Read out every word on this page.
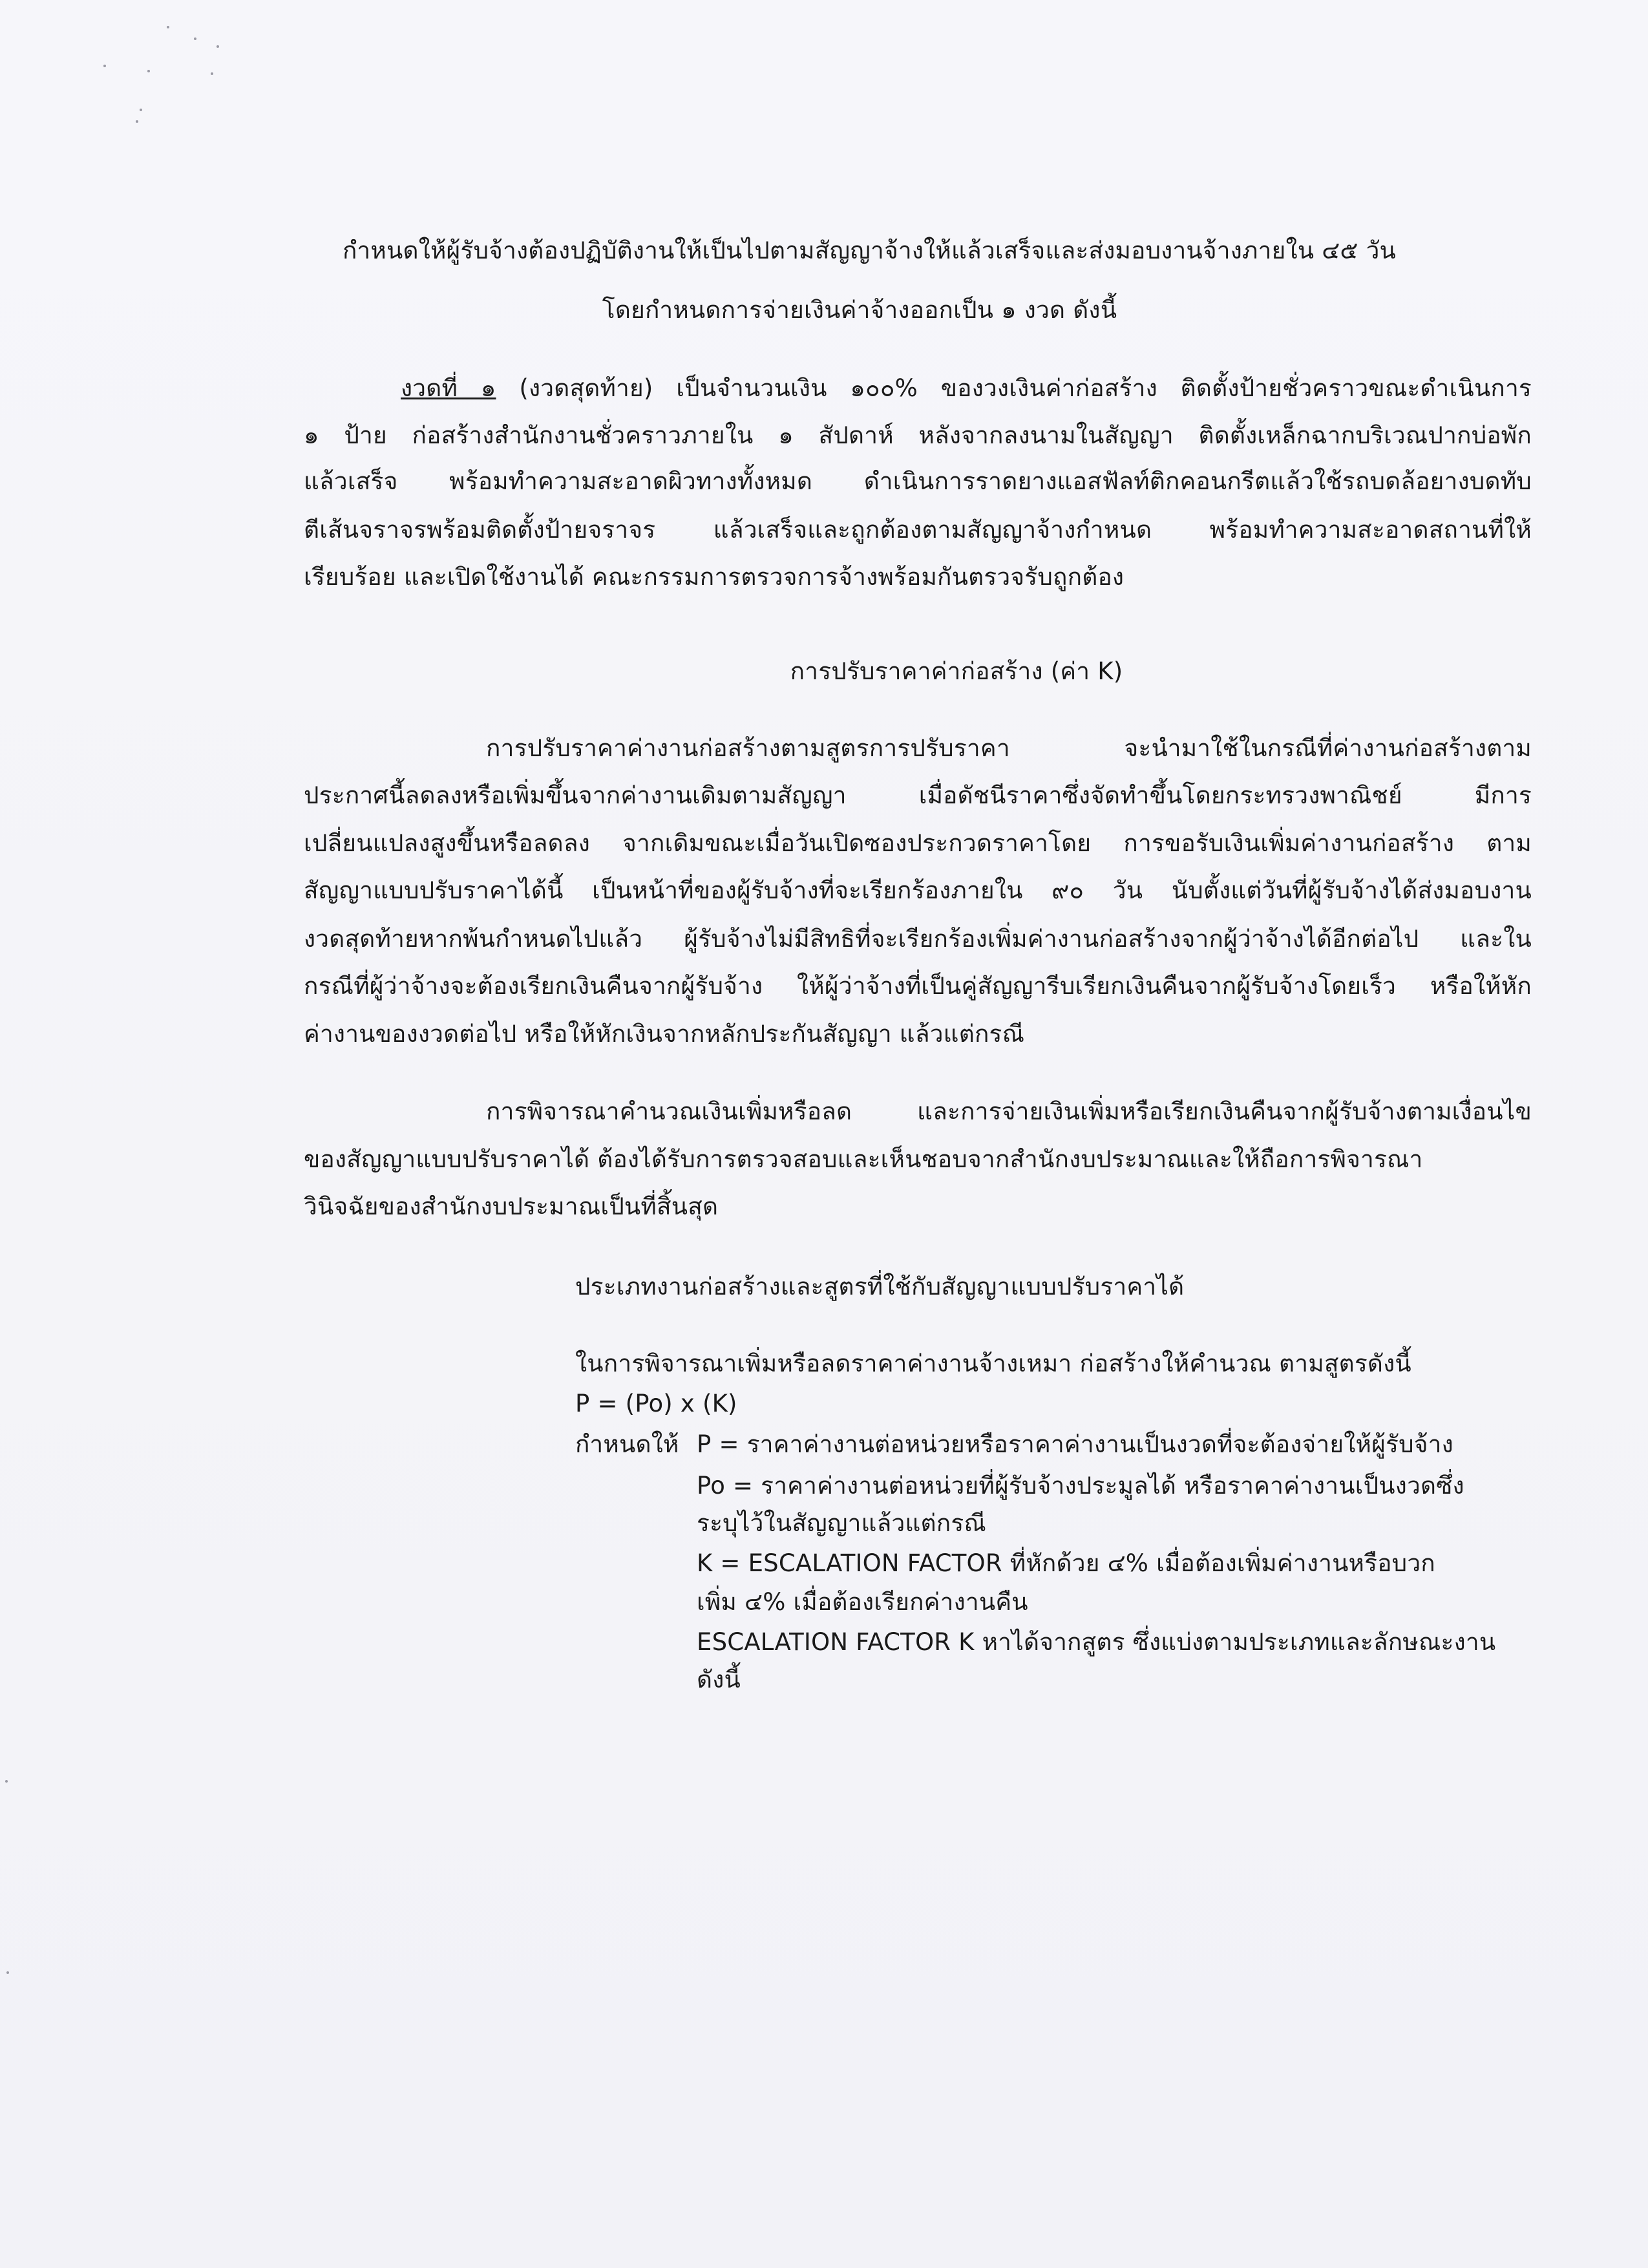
กำหนดให้ผู้รับจ้างต้องปฏิบัติงานให้เป็นไปตามสัญญาจ้างให้แล้วเสร็จและส่งมอบงานจ้างภายใน ๔๕ วัน
โดยกำหนดการจ่ายเงินค่าจ้างออกเป็น ๑ งวด ดังนี้
งวดที่ ๑ (งวดสุดท้าย) เป็นจำนวนเงิน ๑๐๐% ของวงเงินค่าก่อสร้าง ติดตั้งป้ายชั่วคราวขณะดำเนินการ
๑ ป้าย ก่อสร้างสำนักงานชั่วคราวภายใน ๑ สัปดาห์ หลังจากลงนามในสัญญา ติดตั้งเหล็กฉากบริเวณปากบ่อพัก
แล้วเสร็จ พร้อมทำความสะอาดผิวทางทั้งหมด ดำเนินการราดยางแอสฟัลท์ติกคอนกรีตแล้วใช้รถบดล้อยางบดทับ
ตีเส้นจราจรพร้อมติดตั้งป้ายจราจร แล้วเสร็จและถูกต้องตามสัญญาจ้างกำหนด พร้อมทำความสะอาดสถานที่ให้
เรียบร้อย และเปิดใช้งานได้ คณะกรรมการตรวจการจ้างพร้อมกันตรวจรับถูกต้อง
การปรับราคาค่าก่อสร้าง (ค่า K)
การปรับราคาค่างานก่อสร้างตามสูตรการปรับราคา จะนำมาใช้ในกรณีที่ค่างานก่อสร้างตาม
ประกาศนี้ลดลงหรือเพิ่มขึ้นจากค่างานเดิมตามสัญญา เมื่อดัชนีราคาซึ่งจัดทำขึ้นโดยกระทรวงพาณิชย์ มีการ
เปลี่ยนแปลงสูงขึ้นหรือลดลง จากเดิมขณะเมื่อวันเปิดซองประกวดราคาโดย การขอรับเงินเพิ่มค่างานก่อสร้าง ตาม
สัญญาแบบปรับราคาได้นี้ เป็นหน้าที่ของผู้รับจ้างที่จะเรียกร้องภายใน ๙๐ วัน นับตั้งแต่วันที่ผู้รับจ้างได้ส่งมอบงาน
งวดสุดท้ายหากพ้นกำหนดไปแล้ว ผู้รับจ้างไม่มีสิทธิที่จะเรียกร้องเพิ่มค่างานก่อสร้างจากผู้ว่าจ้างได้อีกต่อไป และใน
กรณีที่ผู้ว่าจ้างจะต้องเรียกเงินคืนจากผู้รับจ้าง ให้ผู้ว่าจ้างที่เป็นคู่สัญญารีบเรียกเงินคืนจากผู้รับจ้างโดยเร็ว หรือให้หัก
ค่างานของงวดต่อไป หรือให้หักเงินจากหลักประกันสัญญา แล้วแต่กรณี
การพิจารณาคำนวณเงินเพิ่มหรือลด และการจ่ายเงินเพิ่มหรือเรียกเงินคืนจากผู้รับจ้างตามเงื่อนไข
ของสัญญาแบบปรับราคาได้ ต้องได้รับการตรวจสอบและเห็นชอบจากสำนักงบประมาณและให้ถือการพิจารณา
วินิจฉัยของสำนักงบประมาณเป็นที่สิ้นสุด
ประเภทงานก่อสร้างและสูตรที่ใช้กับสัญญาแบบปรับราคาได้
ในการพิจารณาเพิ่มหรือลดราคาค่างานจ้างเหมา ก่อสร้างให้คำนวณ ตามสูตรดังนี้
P = (Po) x (K)
กำหนดให้ P = ราคาค่างานต่อหน่วยหรือราคาค่างานเป็นงวดที่จะต้องจ่ายให้ผู้รับจ้าง
Po = ราคาค่างานต่อหน่วยที่ผู้รับจ้างประมูลได้ หรือราคาค่างานเป็นงวดซึ่ง
ระบุไว้ในสัญญาแล้วแต่กรณี
K = ESCALATION FACTOR ที่หักด้วย ๔% เมื่อต้องเพิ่มค่างานหรือบวก
เพิ่ม ๔% เมื่อต้องเรียกค่างานคืน
ESCALATION FACTOR K หาได้จากสูตร ซึ่งแบ่งตามประเภทและลักษณะงาน
ดังนี้
